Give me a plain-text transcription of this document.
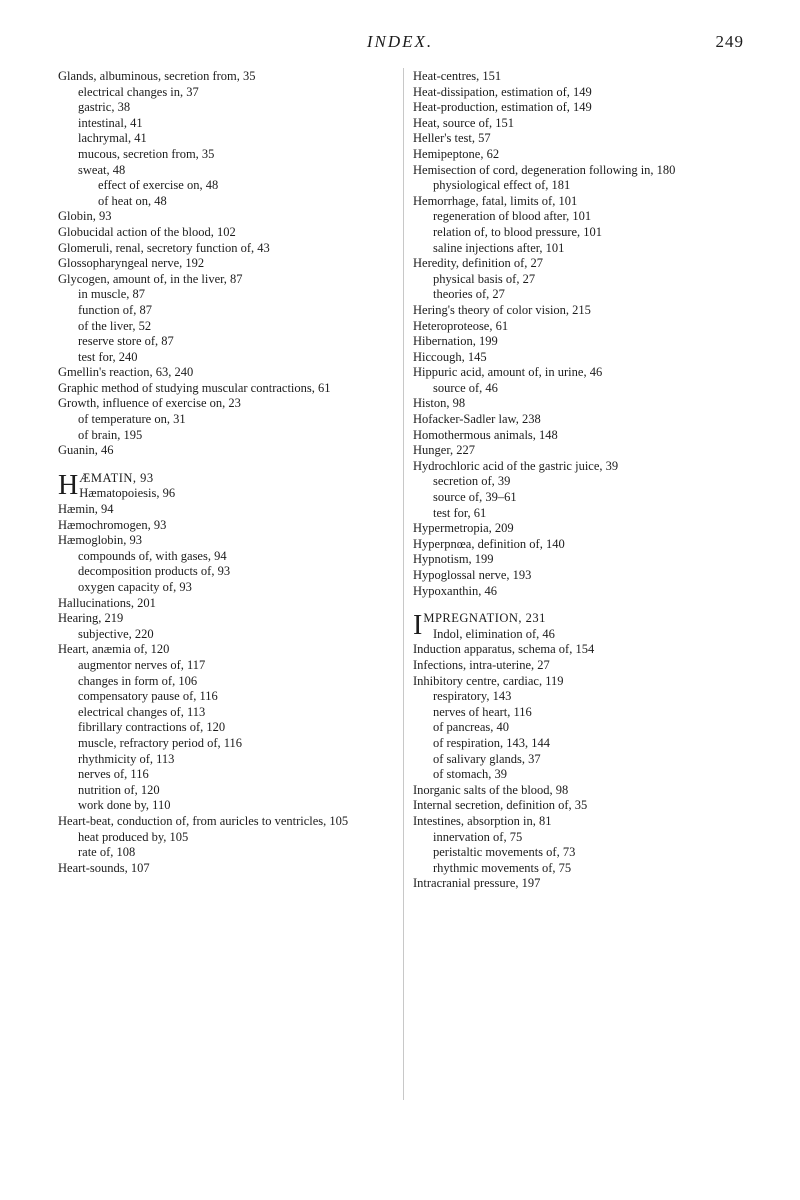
INDEX.	249
Glands, albuminous, secretion from, 35
electrical changes in, 37
gastric, 38
intestinal, 41
lachrymal, 41
mucous, secretion from, 35
sweat, 48
effect of exercise on, 48
of heat on, 48
Globin, 93
Globucidal action of the blood, 102
Glomeruli, renal, secretory function of, 43
Glossopharyngeal nerve, 192
Glycogen, amount of, in the liver, 87
in muscle, 87
function of, 87
of the liver, 52
reserve store of, 87
test for, 240
Gmellin's reaction, 63, 240
Graphic method of studying muscular contractions, 61
Growth, influence of exercise on, 23
of temperature on, 31
of brain, 195
Guanin, 46
HÆMATIN, 93
Hæmatopoiesis, 96
Hæmin, 94
Hæmochromogen, 93
Hæmoglobin, 93
compounds of, with gases, 94
decomposition products of, 93
oxygen capacity of, 93
Hallucinations, 201
Hearing, 219
subjective, 220
Heart, anæmia of, 120
augmentor nerves of, 117
changes in form of, 106
compensatory pause of, 116
electrical changes of, 113
fibrillary contractions of, 120
muscle, refractory period of, 116
rhythmicity of, 113
nerves of, 116
nutrition of, 120
work done by, 110
Heart-beat, conduction of, from auricles to ventricles, 105
heat produced by, 105
rate of, 108
Heart-sounds, 107
Heat-centres, 151
Heat-dissipation, estimation of, 149
Heat-production, estimation of, 149
Heat, source of, 151
Heller's test, 57
Hemipeptone, 62
Hemisection of cord, degeneration following in, 180
physiological effect of, 181
Hemorrhage, fatal, limits of, 101
regeneration of blood after, 101
relation of, to blood pressure, 101
saline injections after, 101
Heredity, definition of, 27
physical basis of, 27
theories of, 27
Hering's theory of color vision, 215
Heteroproteose, 61
Hibernation, 199
Hiccough, 145
Hippuric acid, amount of, in urine, 46
source of, 46
Histon, 98
Hofacker-Sadler law, 238
Homothermous animals, 148
Hunger, 227
Hydrochloric acid of the gastric juice, 39
secretion of, 39
source of, 39–61
test for, 61
Hypermetropia, 209
Hyperpnœa, definition of, 140
Hypnotism, 199
Hypoglossal nerve, 193
Hypoxanthin, 46
IMPREGNATION, 231
Indol, elimination of, 46
Induction apparatus, schema of, 154
Infections, intra-uterine, 27
Inhibitory centre, cardiac, 119
respiratory, 143
nerves of heart, 116
of pancreas, 40
of respiration, 143, 144
of salivary glands, 37
of stomach, 39
Inorganic salts of the blood, 98
Internal secretion, definition of, 35
Intestines, absorption in, 81
innervation of, 75
peristaltic movements of, 73
rhythmic movements of, 75
Intracranial pressure, 197
